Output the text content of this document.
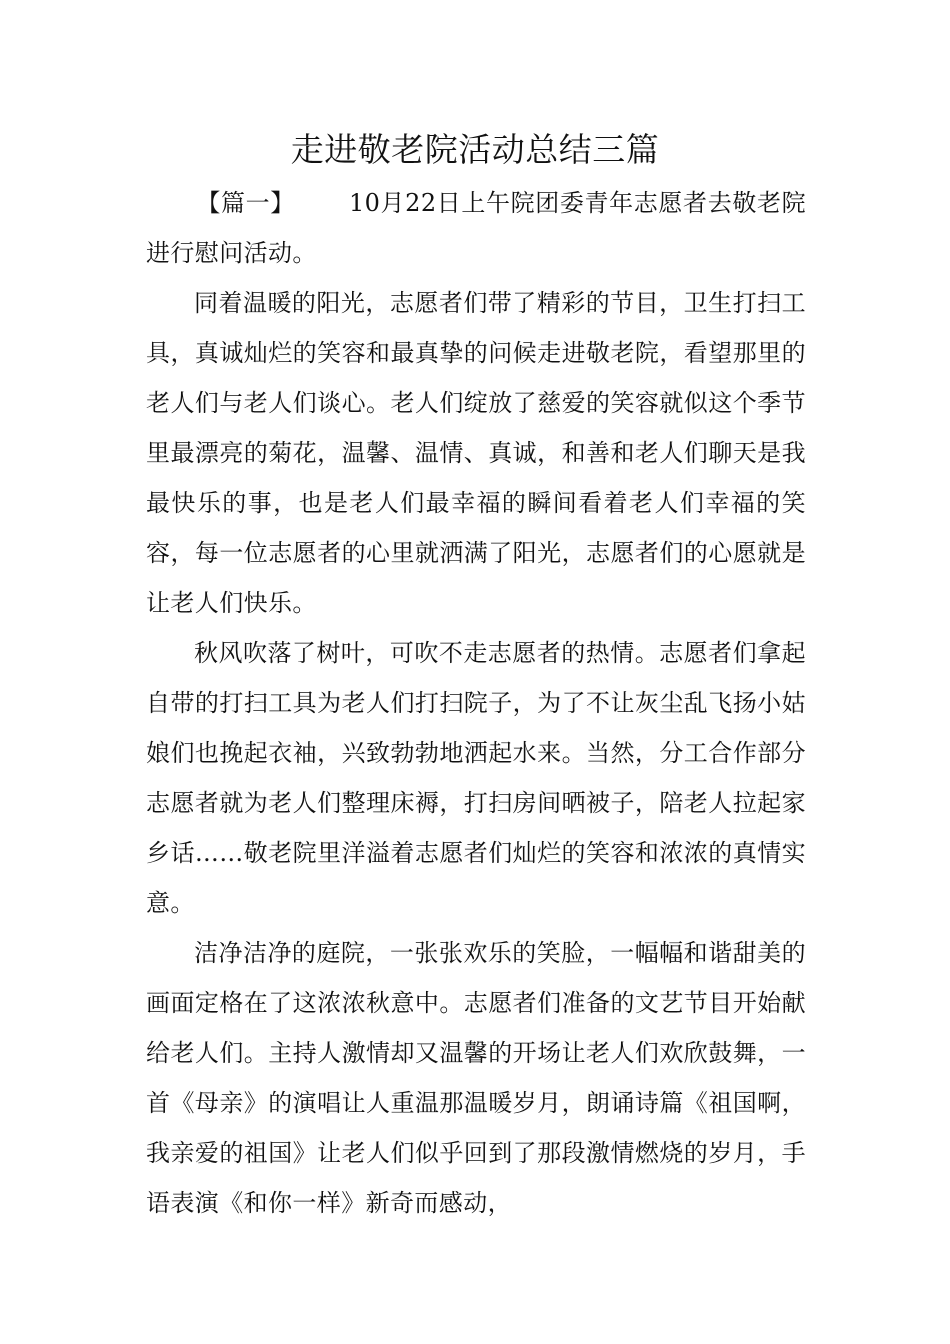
走进敬老院活动总结三篇

【篇一】 10月22日上午院团委青年志愿者去敬老院进行慰问活动。

同着温暖的阳光，志愿者们带了精彩的节目，卫生打扫工具，真诚灿烂的笑容和最真挚的问候走进敬老院，看望那里的老人们与老人们谈心。老人们绽放了慈爱的笑容就似这个季节里最漂亮的菊花，温馨、温情、真诚，和善和老人们聊天是我最快乐的事，也是老人们最幸福的瞬间看着老人们幸福的笑容，每一位志愿者的心里就洒满了阳光，志愿者们的心愿就是让老人们快乐。

秋风吹落了树叶，可吹不走志愿者的热情。志愿者们拿起自带的打扫工具为老人们打扫院子，为了不让灰尘乱飞扬小姑娘们也挽起衣袖，兴致勃勃地洒起水来。当然，分工合作部分志愿者就为老人们整理床褥，打扫房间晒被子，陪老人拉起家乡话……敬老院里洋溢着志愿者们灿烂的笑容和浓浓的真情实意。

洁净洁净的庭院，一张张欢乐的笑脸，一幅幅和谐甜美的画面定格在了这浓浓秋意中。志愿者们准备的文艺节目开始献给老人们。主持人激情却又温馨的开场让老人们欢欣鼓舞，一首《母亲》的演唱让人重温那温暖岁月，朗诵诗篇《祖国啊，我亲爱的祖国》让老人们似乎回到了那段激情燃烧的岁月，手语表演《和你一样》新奇而感动，
